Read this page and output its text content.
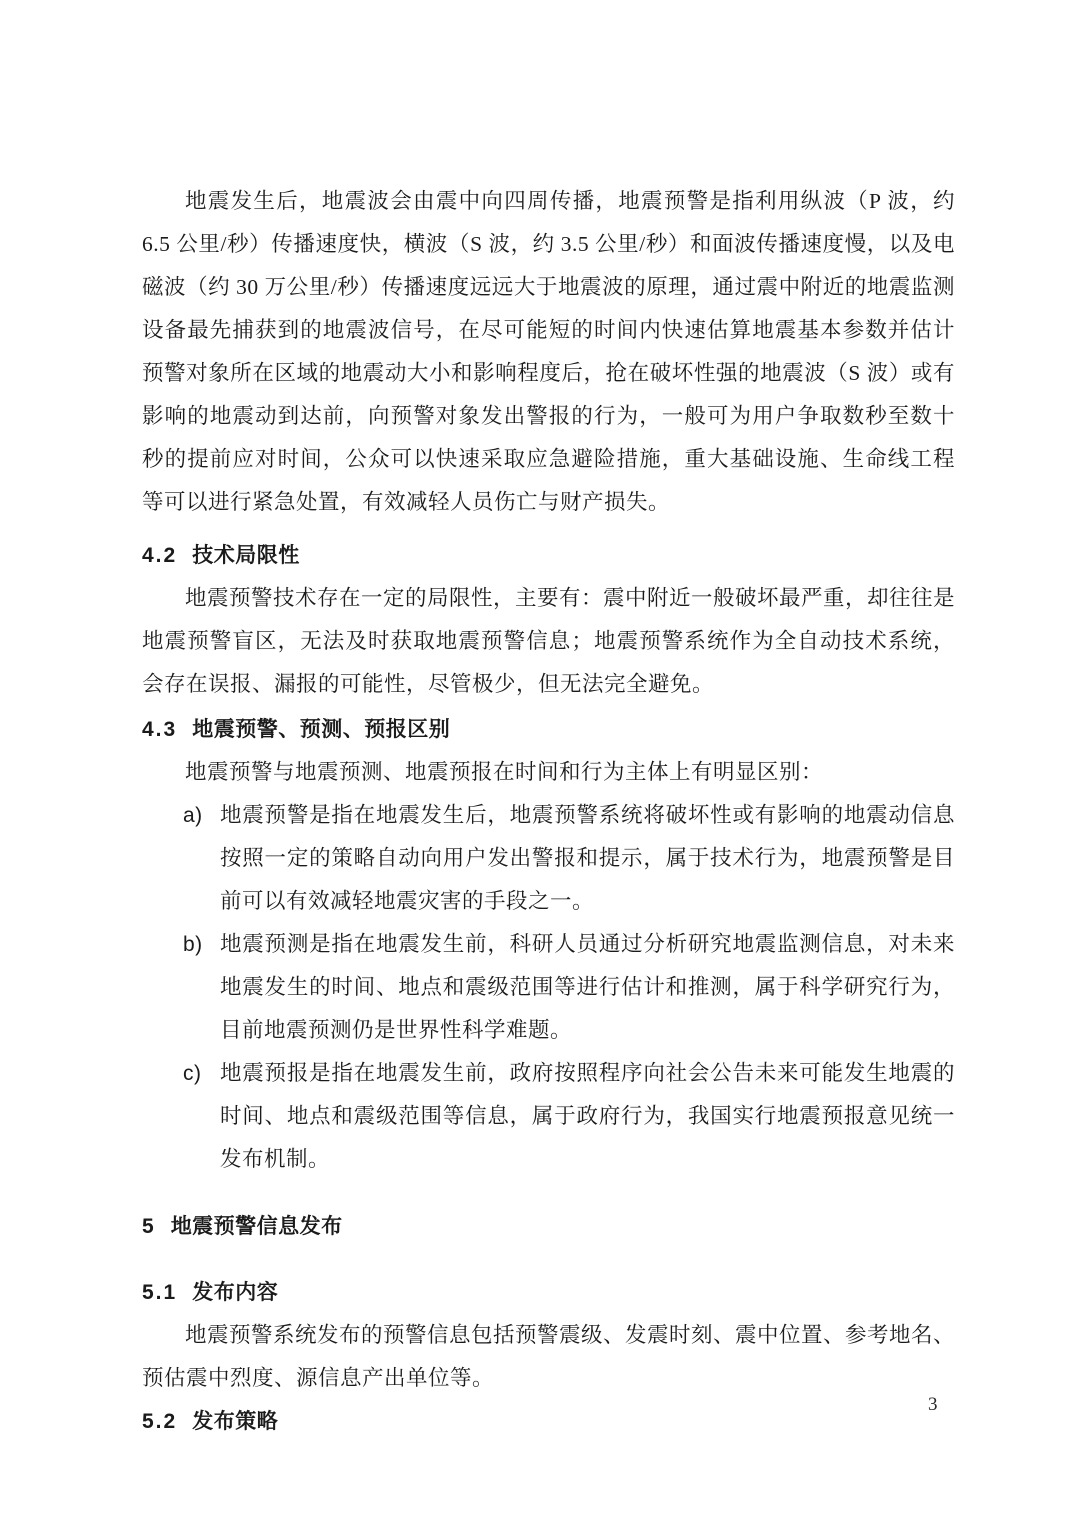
地震发生后，地震波会由震中向四周传播，地震预警是指利用纵波（P 波，约 6.5 公里/秒）传播速度快，横波（S 波，约 3.5 公里/秒）和面波传播速度慢，以及电磁波（约 30 万公里/秒）传播速度远远大于地震波的原理，通过震中附近的地震监测设备最先捕获到的地震波信号，在尽可能短的时间内快速估算地震基本参数并估计预警对象所在区域的地震动大小和影响程度后，抢在破坏性强的地震波（S 波）或有影响的地震动到达前，向预警对象发出警报的行为，一般可为用户争取数秒至数十秒的提前应对时间，公众可以快速采取应急避险措施，重大基础设施、生命线工程等可以进行紧急处置，有效减轻人员伤亡与财产损失。

4.2 技术局限性

地震预警技术存在一定的局限性，主要有：震中附近一般破坏最严重，却往往是地震预警盲区，无法及时获取地震预警信息；地震预警系统作为全自动技术系统，会存在误报、漏报的可能性，尽管极少，但无法完全避免。

4.3 地震预警、预测、预报区别

地震预警与地震预测、地震预报在时间和行为主体上有明显区别：

a) 地震预警是指在地震发生后，地震预警系统将破坏性或有影响的地震动信息按照一定的策略自动向用户发出警报和提示，属于技术行为，地震预警是目前可以有效减轻地震灾害的手段之一。
b) 地震预测是指在地震发生前，科研人员通过分析研究地震监测信息，对未来地震发生的时间、地点和震级范围等进行估计和推测，属于科学研究行为，目前地震预测仍是世界性科学难题。
c) 地震预报是指在地震发生前，政府按照程序向社会公告未来可能发生地震的时间、地点和震级范围等信息，属于政府行为，我国实行地震预报意见统一发布机制。
5 地震预警信息发布
5.1 发布内容

地震预警系统发布的预警信息包括预警震级、发震时刻、震中位置、参考地名、预估震中烈度、源信息产出单位等。

5.2 发布策略
3
